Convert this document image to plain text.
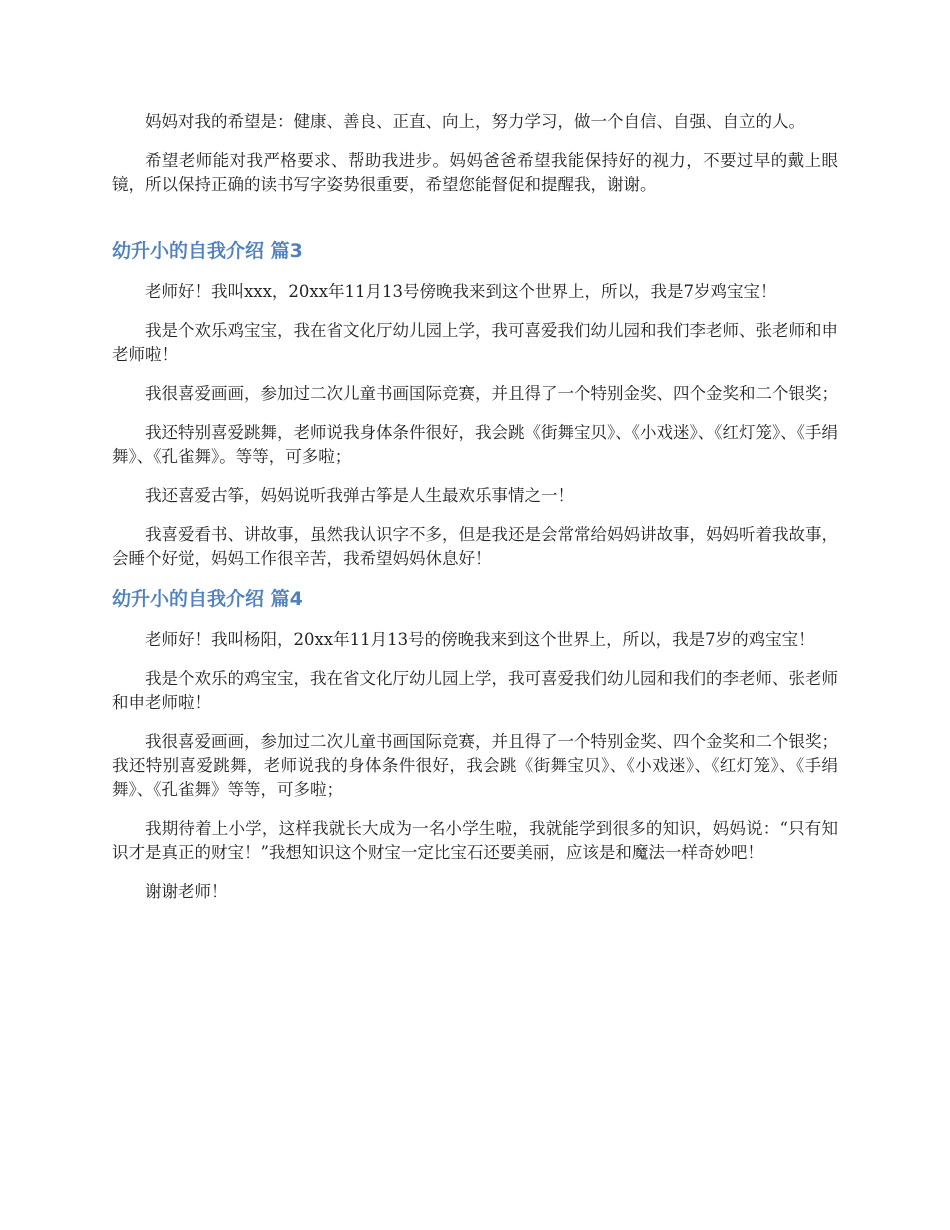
妈妈对我的希望是：健康、善良、正直、向上，努力学习，做一个自信、自强、自立的人。

希望老师能对我严格要求、帮助我进步。妈妈爸爸希望我能保持好的视力，不要过早的戴上眼镜，所以保持正确的读书写字姿势很重要，希望您能督促和提醒我，谢谢。

幼升小的自我介绍 篇3

老师好！我叫xxx，20xx年11月13号傍晚我来到这个世界上，所以，我是7岁鸡宝宝！

我是个欢乐鸡宝宝，我在省文化厅幼儿园上学，我可喜爱我们幼儿园和我们李老师、张老师和申老师啦！

我很喜爱画画，参加过二次儿童书画国际竞赛，并且得了一个特别金奖、四个金奖和二个银奖；

我还特别喜爱跳舞，老师说我身体条件很好，我会跳《街舞宝贝》、《小戏迷》、《红灯笼》、《手绢舞》、《孔雀舞》。等等，可多啦；

我还喜爱古筝，妈妈说听我弹古筝是人生最欢乐事情之一！

我喜爱看书、讲故事，虽然我认识字不多，但是我还是会常常给妈妈讲故事，妈妈听着我故事，会睡个好觉，妈妈工作很辛苦，我希望妈妈休息好！

幼升小的自我介绍 篇4

老师好！我叫杨阳，20xx年11月13号的傍晚我来到这个世界上，所以，我是7岁的鸡宝宝！

我是个欢乐的鸡宝宝，我在省文化厅幼儿园上学，我可喜爱我们幼儿园和我们的李老师、张老师和申老师啦！

我很喜爱画画，参加过二次儿童书画国际竞赛，并且得了一个特别金奖、四个金奖和二个银奖；我还特别喜爱跳舞，老师说我的身体条件很好，我会跳《街舞宝贝》、《小戏迷》、《红灯笼》、《手绢舞》、《孔雀舞》等等，可多啦；

我期待着上小学，这样我就长大成为一名小学生啦，我就能学到很多的知识，妈妈说：“只有知识才是真正的财宝！”我想知识这个财宝一定比宝石还要美丽，应该是和魔法一样奇妙吧！

谢谢老师！
